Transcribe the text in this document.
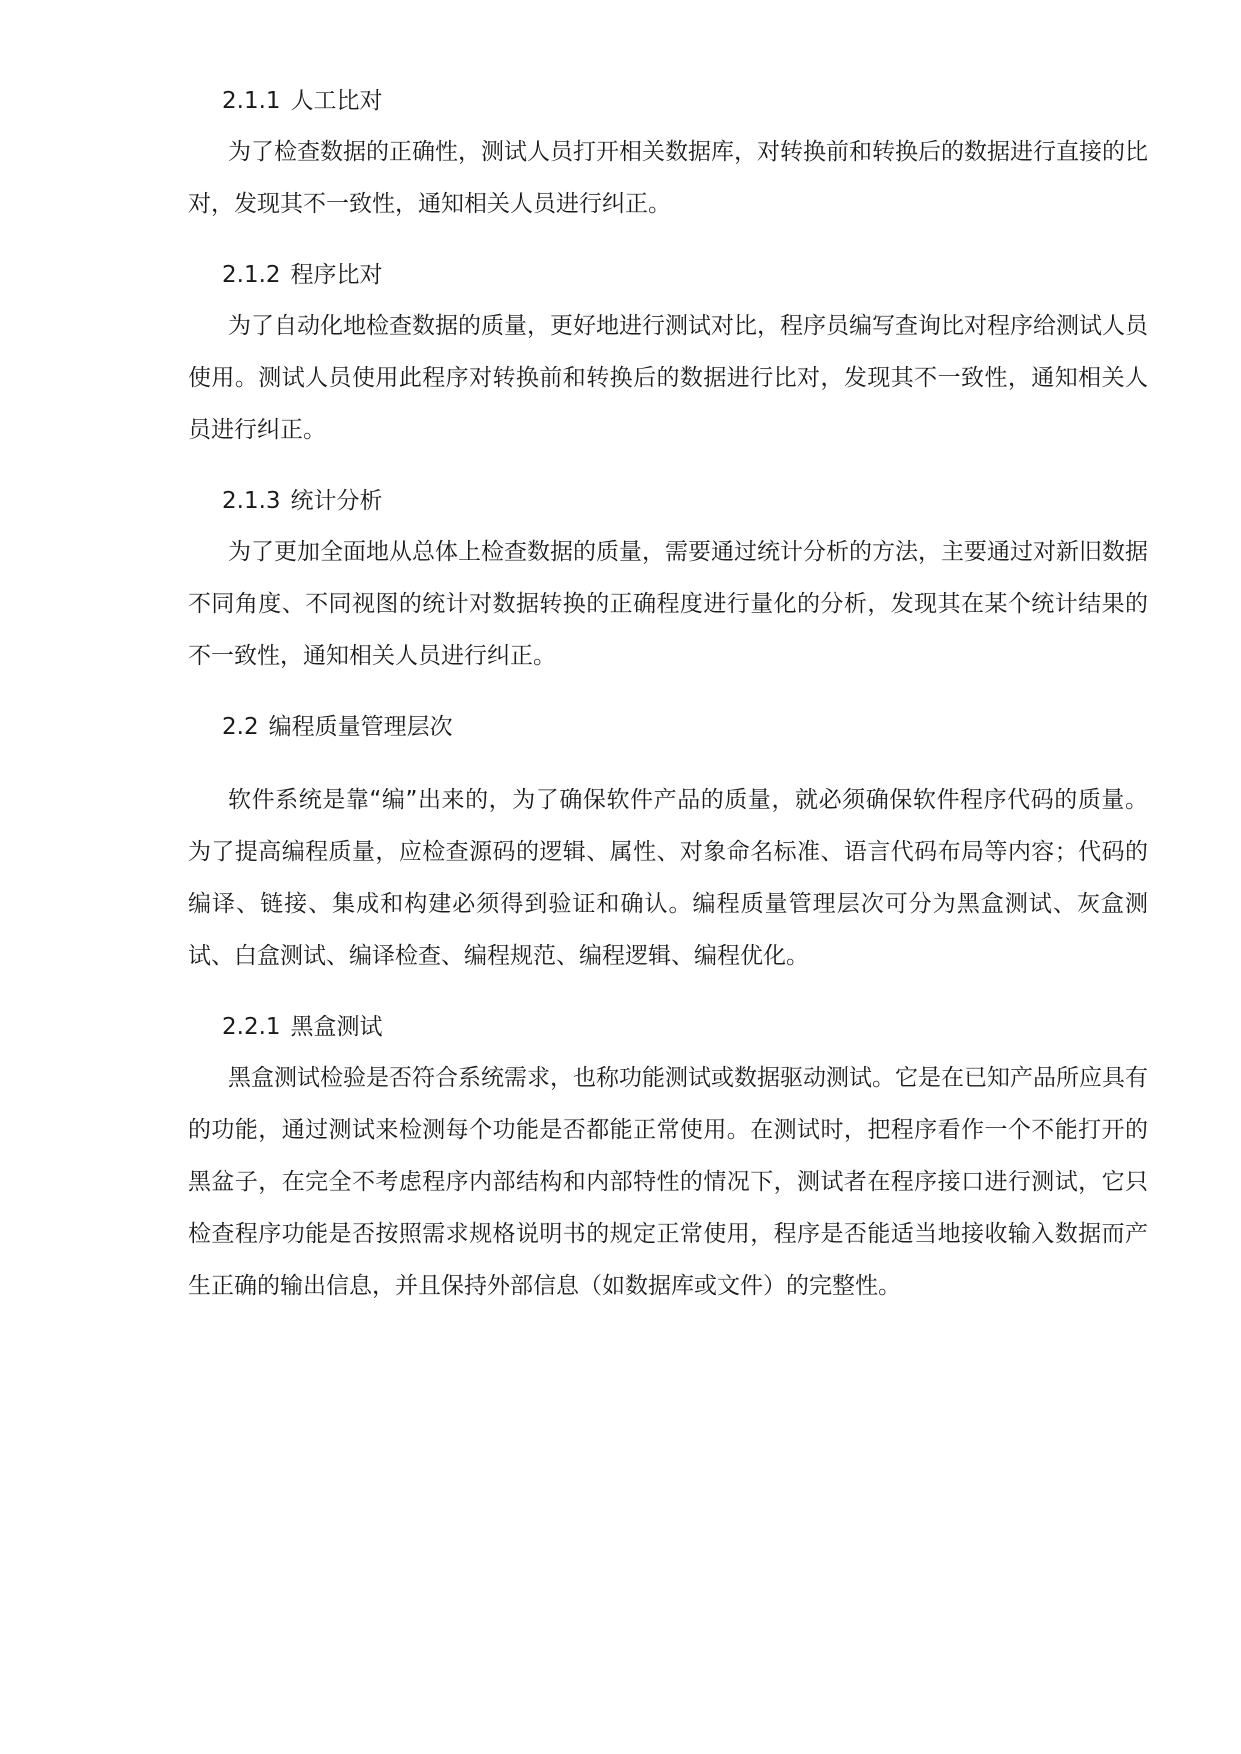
2.1.1 人工比对

为了检查数据的正确性，测试人员打开相关数据库，对转换前和转换后的数据进行直接的比对，发现其不一致性，通知相关人员进行纠正。

2.1.2 程序比对

为了自动化地检查数据的质量，更好地进行测试对比，程序员编写查询比对程序给测试人员使用。测试人员使用此程序对转换前和转换后的数据进行比对，发现其不一致性，通知相关人员进行纠正。

2.1.3 统计分析

为了更加全面地从总体上检查数据的质量，需要通过统计分析的方法，主要通过对新旧数据不同角度、不同视图的统计对数据转换的正确程度进行量化的分析，发现其在某个统计结果的不一致性，通知相关人员进行纠正。

2.2 编程质量管理层次

软件系统是靠“编”出来的，为了确保软件产品的质量，就必须确保软件程序代码的质量。为了提高编程质量，应检查源码的逻辑、属性、对象命名标准、语言代码布局等内容；代码的编译、链接、集成和构建必须得到验证和确认。编程质量管理层次可分为黑盒测试、灰盒测试、白盒测试、编译检查、编程规范、编程逻辑、编程优化。

2.2.1 黑盒测试

黑盒测试检验是否符合系统需求，也称功能测试或数据驱动测试。它是在已知产品所应具有的功能，通过测试来检测每个功能是否都能正常使用。在测试时，把程序看作一个不能打开的黑盆子，在完全不考虑程序内部结构和内部特性的情况下，测试者在程序接口进行测试，它只检查程序功能是否按照需求规格说明书的规定正常使用，程序是否能适当地接收输入数据而产生正确的输出信息，并且保持外部信息（如数据库或文件）的完整性。
